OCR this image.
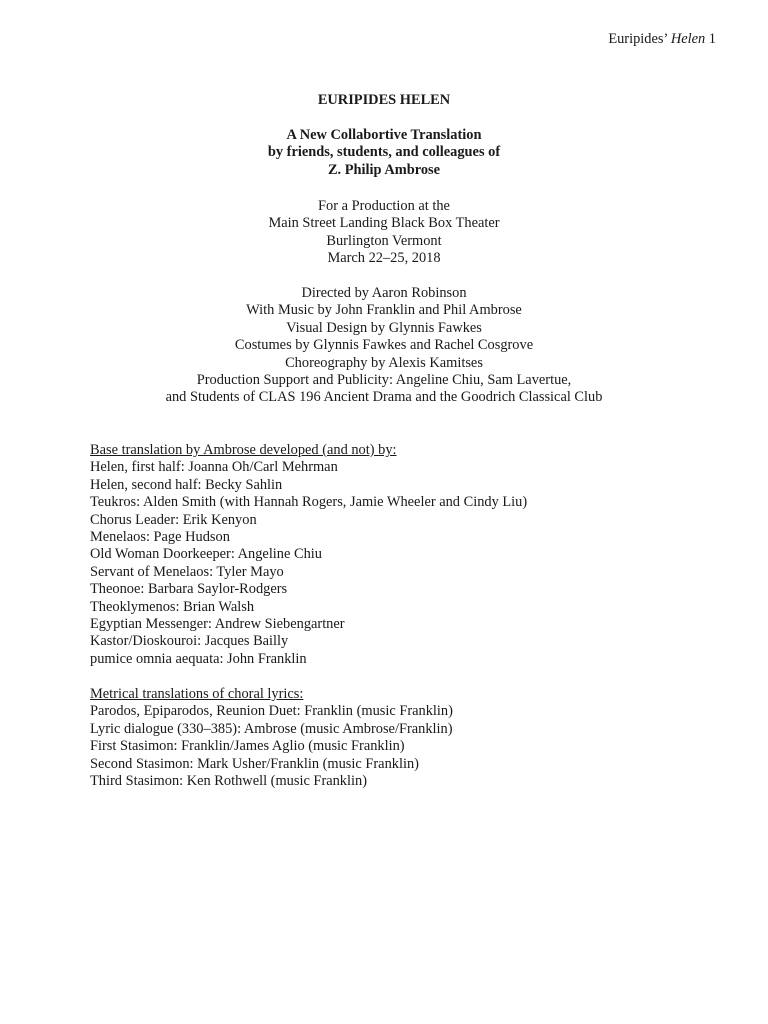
Euripides’ Helen 1
EURIPIDES HELEN
A New Collabortive Translation
by friends, students, and colleagues of
Z. Philip Ambrose
For a Production at the
Main Street Landing Black Box Theater
Burlington Vermont
March 22–25, 2018
Directed by Aaron Robinson
With Music by John Franklin and Phil Ambrose
Visual Design by Glynnis Fawkes
Costumes by Glynnis Fawkes and Rachel Cosgrove
Choreography by Alexis Kamitses
Production Support and Publicity: Angeline Chiu, Sam Lavertue,
and Students of CLAS 196 Ancient Drama and the Goodrich Classical Club
Base translation by Ambrose developed (and not) by:
Helen, first half: Joanna Oh/Carl Mehrman
Helen, second half: Becky Sahlin
Teukros: Alden Smith (with Hannah Rogers, Jamie Wheeler and Cindy Liu)
Chorus Leader: Erik Kenyon
Menelaos: Page Hudson
Old Woman Doorkeeper: Angeline Chiu
Servant of Menelaos: Tyler Mayo
Theonoe: Barbara Saylor-Rodgers
Theoklymenos: Brian Walsh
Egyptian Messenger: Andrew Siebengartner
Kastor/Dioskouroi: Jacques Bailly
pumice omnia aequata: John Franklin
Metrical translations of choral lyrics:
Parodos, Epiparodos, Reunion Duet: Franklin (music Franklin)
Lyric dialogue (330–385): Ambrose (music Ambrose/Franklin)
First Stasimon: Franklin/James Aglio (music Franklin)
Second Stasimon: Mark Usher/Franklin (music Franklin)
Third Stasimon: Ken Rothwell (music Franklin)
